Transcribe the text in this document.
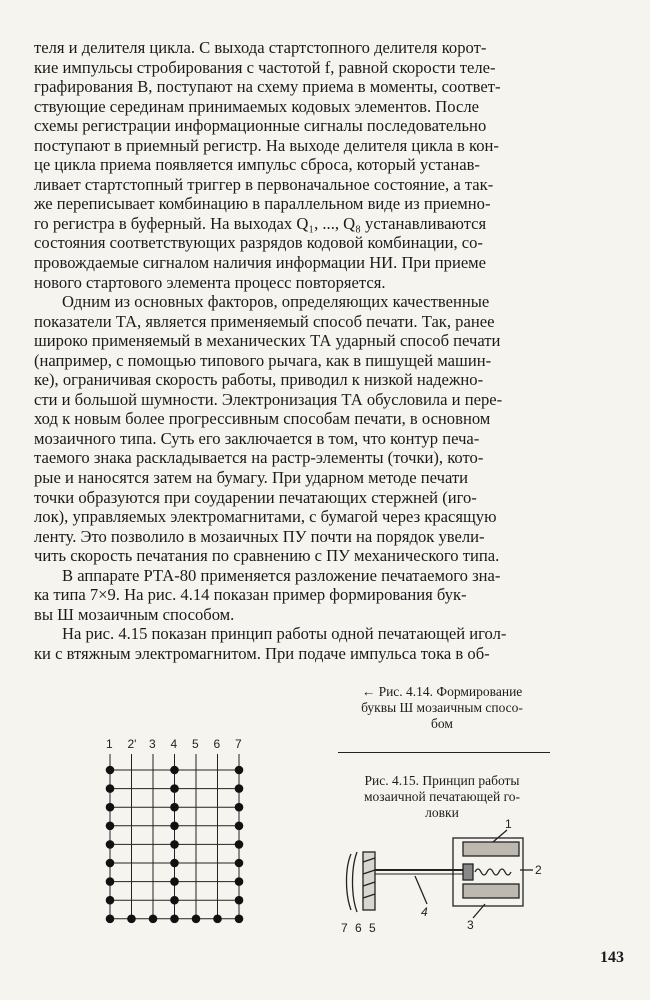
теля и делителя цикла. С выхода стартстопного делителя корот-

кие импульсы стробирования с частотой f, равной скорости теле-

графирования B, поступают на схему приема в моменты, соответ-

ствующие серединам принимаемых кодовых элементов. После

схемы регистрации информационные сигналы последовательно

поступают в приемный регистр. На выходе делителя цикла в кон-

це цикла приема появляется импульс сброса, который устанав-

ливает стартстопный триггер в первоначальное состояние, а так-

же переписывает комбинацию в параллельном виде из приемно-

го регистра в буферный. На выходах Q₁, ..., Q₈ устанавливаются

состояния соответствующих разрядов кодовой комбинации, со-

провождаемые сигналом наличия информации НИ. При приеме

нового стартового элемента процесс повторяется.

Одним из основных факторов, определяющих качественные

показатели ТА, является применяемый способ печати. Так, ранее

широко применяемый в механических ТА ударный способ печати

(например, с помощью типового рычага, как в пишущей машин-

ке), ограничивая скорость работы, приводил к низкой надежно-

сти и большой шумности. Электронизация ТА обусловила и пере-

ход к новым более прогрессивным способам печати, в основном

мозаичного типа. Суть его заключается в том, что контур печа-

таемого знака раскладывается на растр-элементы (точки), кото-

рые и наносятся затем на бумагу. При ударном методе печати

точки образуются при соударении печатающих стержней (иго-

лок), управляемых электромагнитами, с бумагой через красящую

ленту. Это позволило в мозаичных ПУ почти на порядок увели-

чить скорость печатания по сравнению с ПУ механического типа.

В аппарате РТА-80 применяется разложение печатаемого зна-

ка типа 7×9. На рис. 4.14 показан пример формирования бук-

вы Ш мозаичным способом.

На рис. 4.15 показан принцип работы одной печатающей игол-

ки с втяжным электромагнитом. При подаче импульса тока в об-

1 2' 3 4 5 6 7
← Рис. 4.14. Формирование
буквы Ш мозаичным спосо-
бом
Рис. 4.15. Принцип работы
мозаичной печатающей го-
ловки
1
2
3
4
7 6 5
143
